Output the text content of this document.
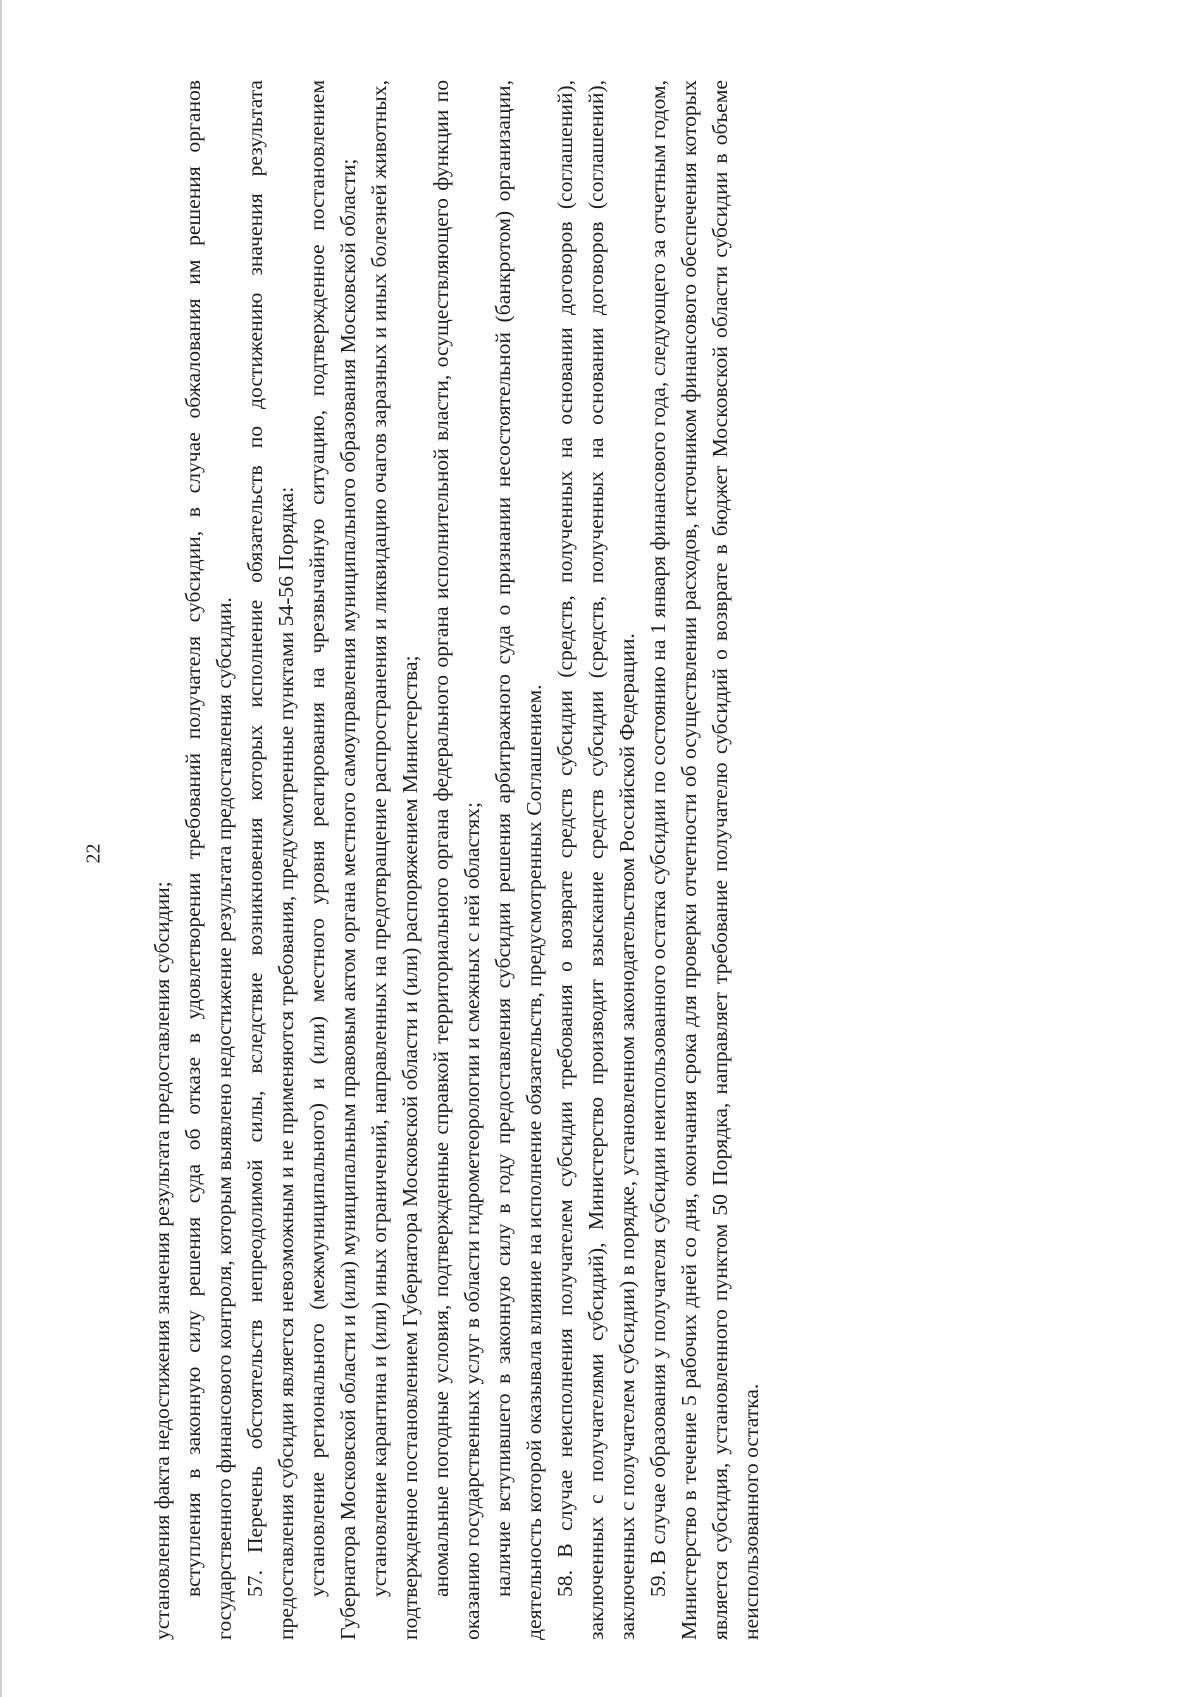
22

установления факта недостижения значения результата предоставления субсидии; вступления в законную силу решения суда об отказе в удовлетворении требований получателя субсидии, в случае обжалования им решения органов государственного финансового контроля, которым выявлено недостижение результата предоставления субсидии. 57. Перечень обстоятельств непреодолимой силы, вследствие возникновения которых исполнение обязательств по достижению значения результата предоставления субсидии является невозможным и не применяются требования, предусмотренные пунктами 54-56 Порядка: установление регионального (межмуниципального) и (или) местного уровня реагирования на чрезвычайную ситуацию, подтвержденное постановлением Губернатора Московской области и (или) муниципальным правовым актом органа местного самоуправления муниципального образования Московской области; установление карантина и (или) иных ограничений, направленных на предотвращение распространения и ликвидацию очагов заразных и иных болезней животных, подтвержденное постановлением Губернатора Московской области и (или) распоряжением Министерства; аномальные погодные условия, подтвержденные справкой территориального органа федерального органа исполнительной власти, осуществляющего функции по оказанию государственных услуг в области гидрометеорологии и смежных с ней областях; наличие вступившего в законную силу в году предоставления субсидии решения арбитражного суда о признании несостоятельной (банкротом) организации, деятельность которой оказывала влияние на исполнение обязательств, предусмотренных Соглашением. 58. В случае неисполнения получателем субсидии требования о возврате средств субсидии (средств, полученных на основании договоров (соглашений), заключенных с получателями субсидий), Министерство производит взыскание средств субсидии (средств, полученных на основании договоров (соглашений), заключенных с получателем субсидии) в порядке, установленном законодательством Российской Федерации. 59. В случае образования у получателя субсидии неиспользованного остатка субсидии по состоянию на 1 января финансового года, следующего за отчетным годом, Министерство в течение 5 рабочих дней со дня, окончания срока для проверки отчетности об осуществлении расходов, источником финансового обеспечения которых является субсидия, установленного пунктом 50 Порядка, направляет требование получателю субсидий о возврате в бюджет Московской области субсидии в объеме неиспользованного остатка.
